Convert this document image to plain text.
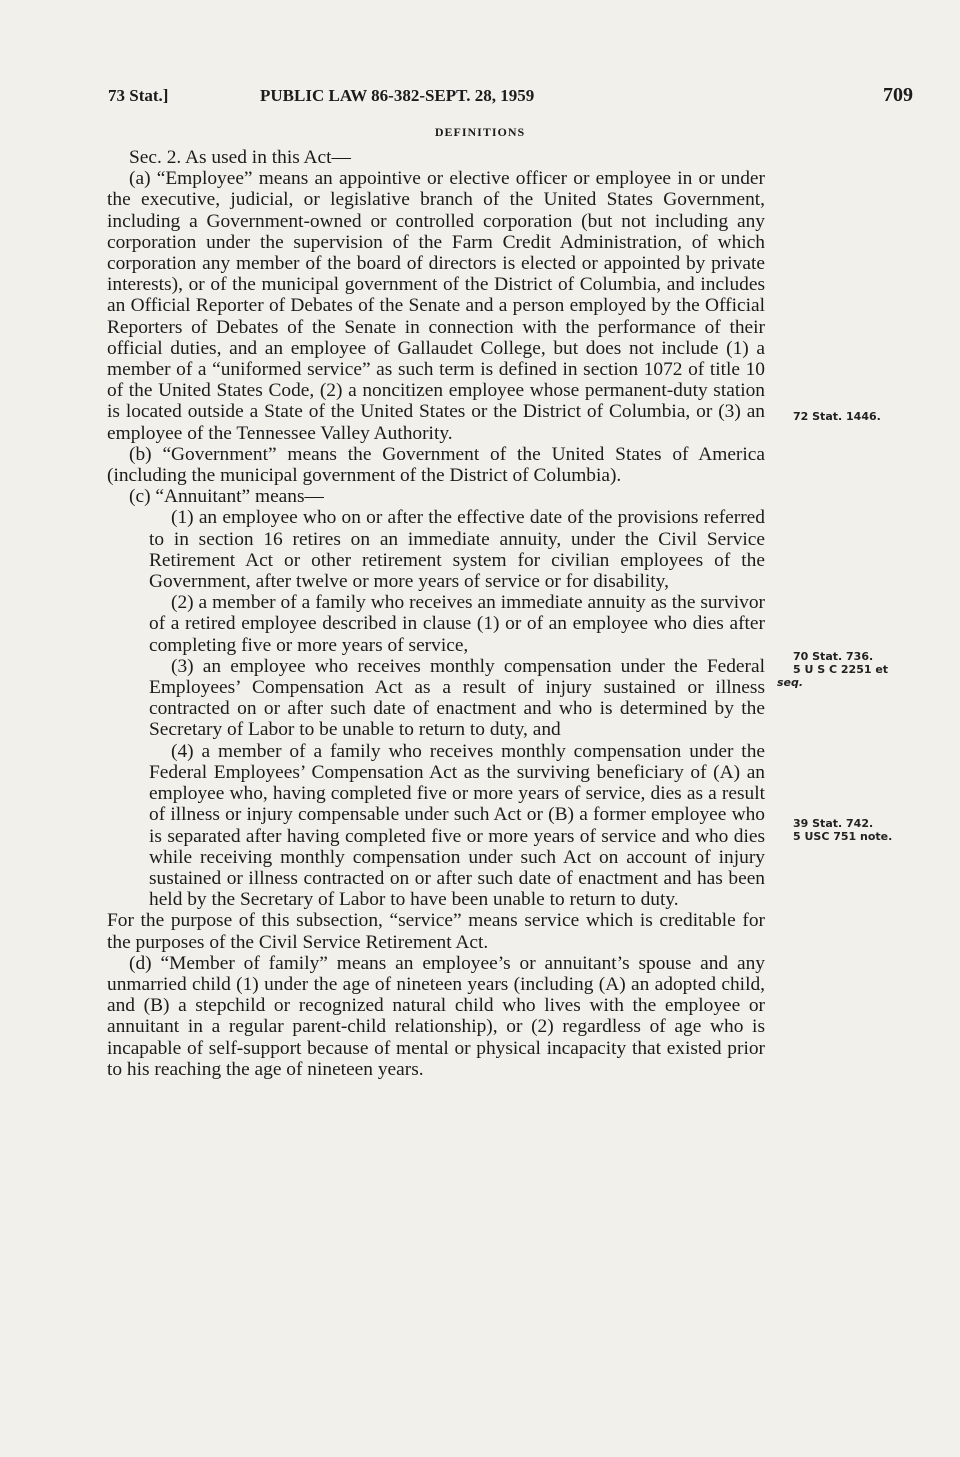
73 Stat.]	PUBLIC LAW 86-382-SEPT. 28, 1959	709
DEFINITIONS

Sec. 2. As used in this Act—

(a) “Employee” means an appointive or elective officer or employee in or under the executive, judicial, or legislative branch of the United States Government, including a Government-owned or controlled corporation (but not including any corporation under the supervision of the Farm Credit Administration, of which corporation any member of the board of directors is elected or appointed by private interests), or of the municipal government of the District of Columbia, and includes an Official Reporter of Debates of the Senate and a person employed by the Official Reporters of Debates of the Senate in connection with the performance of their official duties, and an employee of Gallaudet College, but does not include (1) a member of a “uniformed service” as such term is defined in section 1072 of title 10 of the United States Code, (2) a noncitizen employee whose permanent-duty station is located outside a State of the United States or the District of Columbia, or (3) an employee of the Tennessee Valley Authority.

(b) “Government” means the Government of the United States of America (including the municipal government of the District of Columbia).

(c) “Annuitant” means—

(1) an employee who on or after the effective date of the provisions referred to in section 16 retires on an immediate annuity, under the Civil Service Retirement Act or other retirement system for civilian employees of the Government, after twelve or more years of service or for disability,

(2) a member of a family who receives an immediate annuity as the survivor of a retired employee described in clause (1) or of an employee who dies after completing five or more years of service,

(3) an employee who receives monthly compensation under the Federal Employees’ Compensation Act as a result of injury sustained or illness contracted on or after such date of enactment and who is determined by the Secretary of Labor to be unable to return to duty, and

(4) a member of a family who receives monthly compensation under the Federal Employees’ Compensation Act as the surviving beneficiary of (A) an employee who, having completed five or more years of service, dies as a result of illness or injury compensable under such Act or (B) a former employee who is separated after having completed five or more years of service and who dies while receiving monthly compensation under such Act on account of injury sustained or illness contracted on or after such date of enactment and has been held by the Secretary of Labor to have been unable to return to duty.

For the purpose of this subsection, “service” means service which is creditable for the purposes of the Civil Service Retirement Act.

(d) “Member of family” means an employee’s or annuitant’s spouse and any unmarried child (1) under the age of nineteen years (including (A) an adopted child, and (B) a stepchild or recognized natural child who lives with the employee or annuitant in a regular parent-child relationship), or (2) regardless of age who is incapable of self-support because of mental or physical incapacity that existed prior to his reaching the age of nineteen years.

72 Stat. 1446.
70 Stat. 736.
5 U S C 2251 et
seq.
39 Stat. 742.
5 USC 751 note.
